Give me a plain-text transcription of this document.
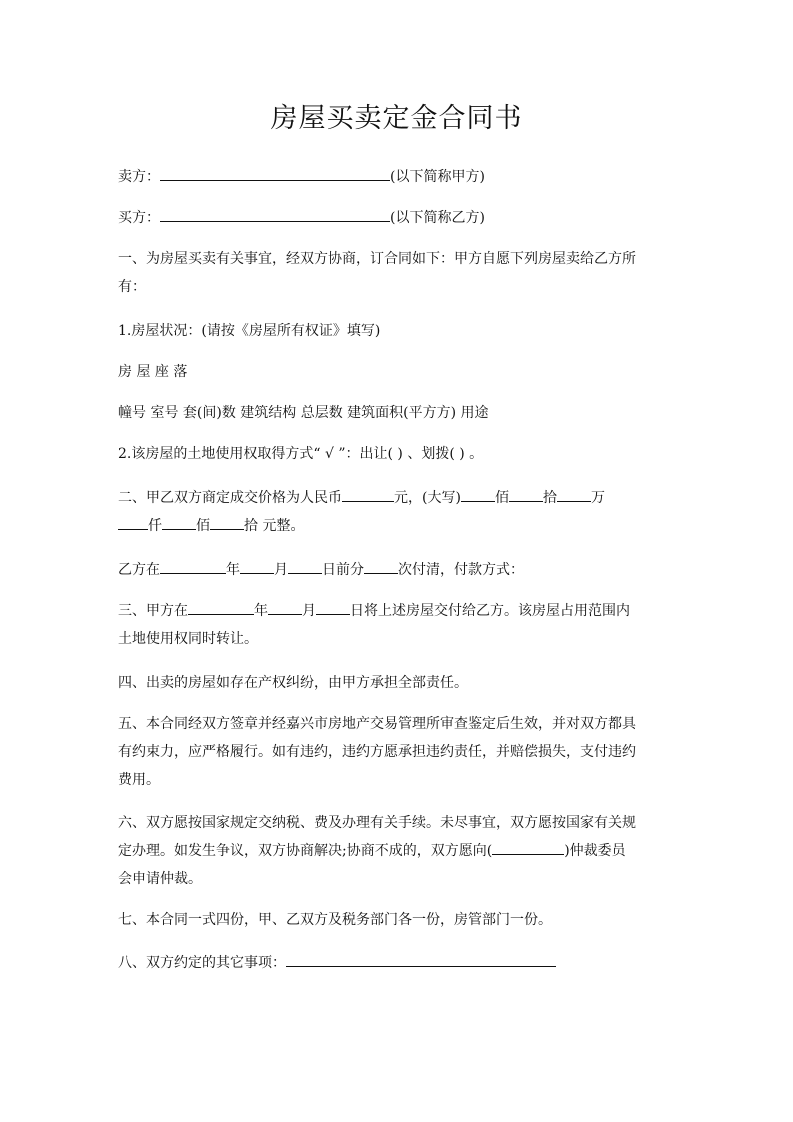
房屋买卖定金合同书
卖方：	(以下简称甲方)
买方：	(以下简称乙方)
一、为房屋买卖有关事宜，经双方协商，订合同如下：甲方自愿下列房屋卖给乙方所
有：
1.房屋状况：(请按《房屋所有权证》填写)
房 屋 座 落
幢号 室号 套(间)数 建筑结构 总层数 建筑面积(平方方) 用途
2.该房屋的土地使用权取得方式“ √ ”：出让( ) 、划拨( ) 。
二、甲乙双方商定成交价格为人民币	元，(大写) 佰 拾 万
仟 佰 拾 元整。
乙方在	年 月 日前分 次付清，付款方式：
三、甲方在	年 月 日将上述房屋交付给乙方。该房屋占用范围内
土地使用权同时转让。
四、出卖的房屋如存在产权纠纷，由甲方承担全部责任。
五、本合同经双方签章并经嘉兴市房地产交易管理所审查鉴定后生效，并对双方都具
有约束力，应严格履行。如有违约，违约方愿承担违约责任，并赔偿损失，支付违约
费用。
六、双方愿按国家规定交纳税、费及办理有关手续。未尽事宜，双方愿按国家有关规
定办理。如发生争议，双方协商解决;协商不成的，双方愿向(	)仲裁委员
会申请仲裁。
七、本合同一式四份，甲、乙双方及税务部门各一份，房管部门一份。
八、双方约定的其它事项：
